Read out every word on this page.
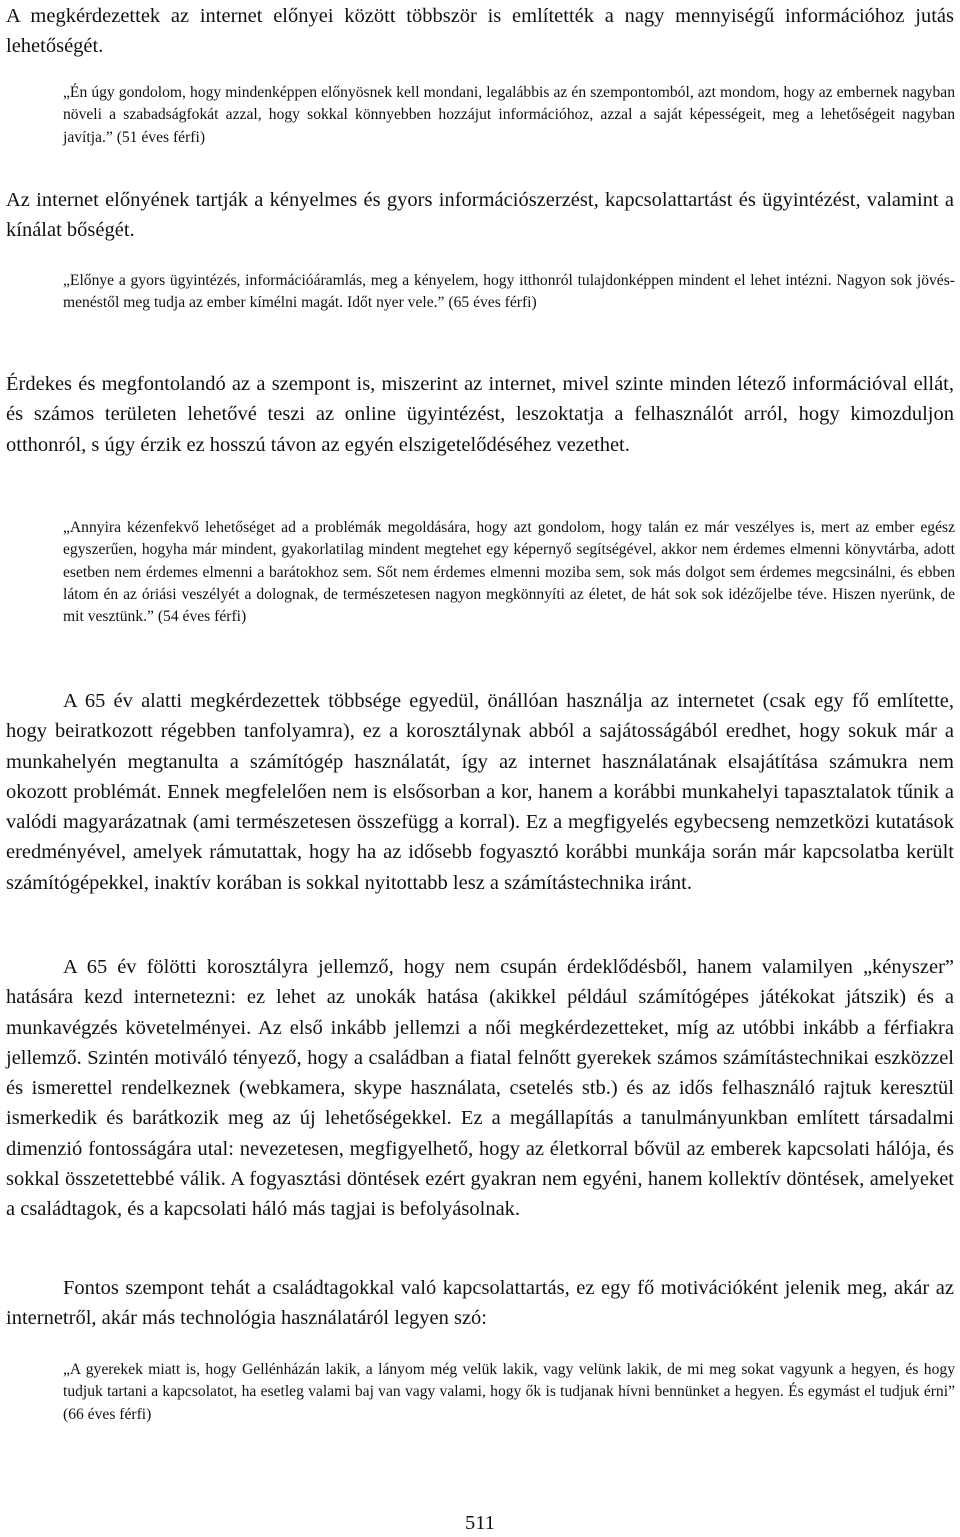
A megkérdezettek az internet előnyei között többször is említették a nagy mennyiségű információhoz jutás lehetőségét.

„Én úgy gondolom, hogy mindenképpen előnyösnek kell mondani, legalábbis az én szempontomból, azt mondom, hogy az embernek nagyban növeli a szabadságfokát azzal, hogy sokkal könnyebben hozzájut információhoz, azzal a saját képességeit, meg a lehetőségeit nagyban javítja.” (51 éves férfi)

Az internet előnyének tartják a kényelmes és gyors információszerzést, kapcsolattartást és ügyintézést, valamint a kínálat bőségét.

„Előnye a gyors ügyintézés, információáramlás, meg a kényelem, hogy itthonról tulajdonképpen mindent el lehet intézni. Nagyon sok jövés-menéstől meg tudja az ember kímélni magát. Időt nyer vele.” (65 éves férfi)

Érdekes és megfontolandó az a szempont is, miszerint az internet, mivel szinte minden létező információval ellát, és számos területen lehetővé teszi az online ügyintézést, leszoktatja a felhasználót arról, hogy kimozduljon otthonról, s úgy érzik ez hosszú távon az egyén elszigetelődéséhez vezethet.

„Annyira kézenfekvő lehetőséget ad a problémák megoldására, hogy azt gondolom, hogy talán ez már veszélyes is, mert az ember egész egyszerűen, hogyha már mindent, gyakorlatilag mindent megtehet egy képernyő segítségével, akkor nem érdemes elmenni könyvtárba, adott esetben nem érdemes elmenni a barátokhoz sem. Sőt nem érdemes elmenni moziba sem, sok más dolgot sem érdemes megcsinálni, és ebben látom én az óriási veszélyét a dolognak, de természetesen nagyon megkönnyíti az életet, de hát sok sok idézőjelbe téve. Hiszen nyerünk, de mit vesztünk.” (54 éves férfi)

A 65 év alatti megkérdezettek többsége egyedül, önállóan használja az internetet (csak egy fő említette, hogy beiratkozott régebben tanfolyamra), ez a korosztálynak abból a sajátosságából eredhet, hogy sokuk már a munkahelyén megtanulta a számítógép használatát, így az internet használatának elsajátítása számukra nem okozott problémát. Ennek megfelelően nem is elsősorban a kor, hanem a korábbi munkahelyi tapasztalatok tűnik a valódi magyarázatnak (ami természetesen összefügg a korral). Ez a megfigyelés egybecseng nemzetközi kutatások eredményével, amelyek rámutattak, hogy ha az idősebb fogyasztó korábbi munkája során már kapcsolatba került számítógépekkel, inaktív korában is sokkal nyitottabb lesz a számítástechnika iránt.

A 65 év fölötti korosztályra jellemző, hogy nem csupán érdeklődésből, hanem valamilyen „kényszer” hatására kezd internetezni: ez lehet az unokák hatása (akikkel például számítógépes játékokat játszik) és a munkavégzés követelményei. Az első inkább jellemzi a női megkérdezetteket, míg az utóbbi inkább a férfiakra jellemző. Szintén motiváló tényező, hogy a családban a fiatal felnőtt gyerekek számos számítástechnikai eszközzel és ismerettel rendelkeznek (webkamera, skype használata, csetelés stb.) és az idős felhasználó rajtuk keresztül ismerkedik és barátkozik meg az új lehetőségekkel. Ez a megállapítás a tanulmányunkban említett társadalmi dimenzió fontosságára utal: nevezetesen, megfigyelhető, hogy az életkorral bővül az emberek kapcsolati hálója, és sokkal összetettebbé válik. A fogyasztási döntések ezért gyakran nem egyéni, hanem kollektív döntések, amelyeket a családtagok, és a kapcsolati háló más tagjai is befolyásolnak.

Fontos szempont tehát a családtagokkal való kapcsolattartás, ez egy fő motivációként jelenik meg, akár az internetről, akár más technológia használatáról legyen szó:

„A gyerekek miatt is, hogy Gellénházán lakik, a lányom még velük lakik, vagy velünk lakik, de mi meg sokat vagyunk a hegyen, és hogy tudjuk tartani a kapcsolatot, ha esetleg valami baj van vagy valami, hogy ők is tudjanak hívni bennünket a hegyen. És egymást el tudjuk érni” (66 éves férfi)

511
